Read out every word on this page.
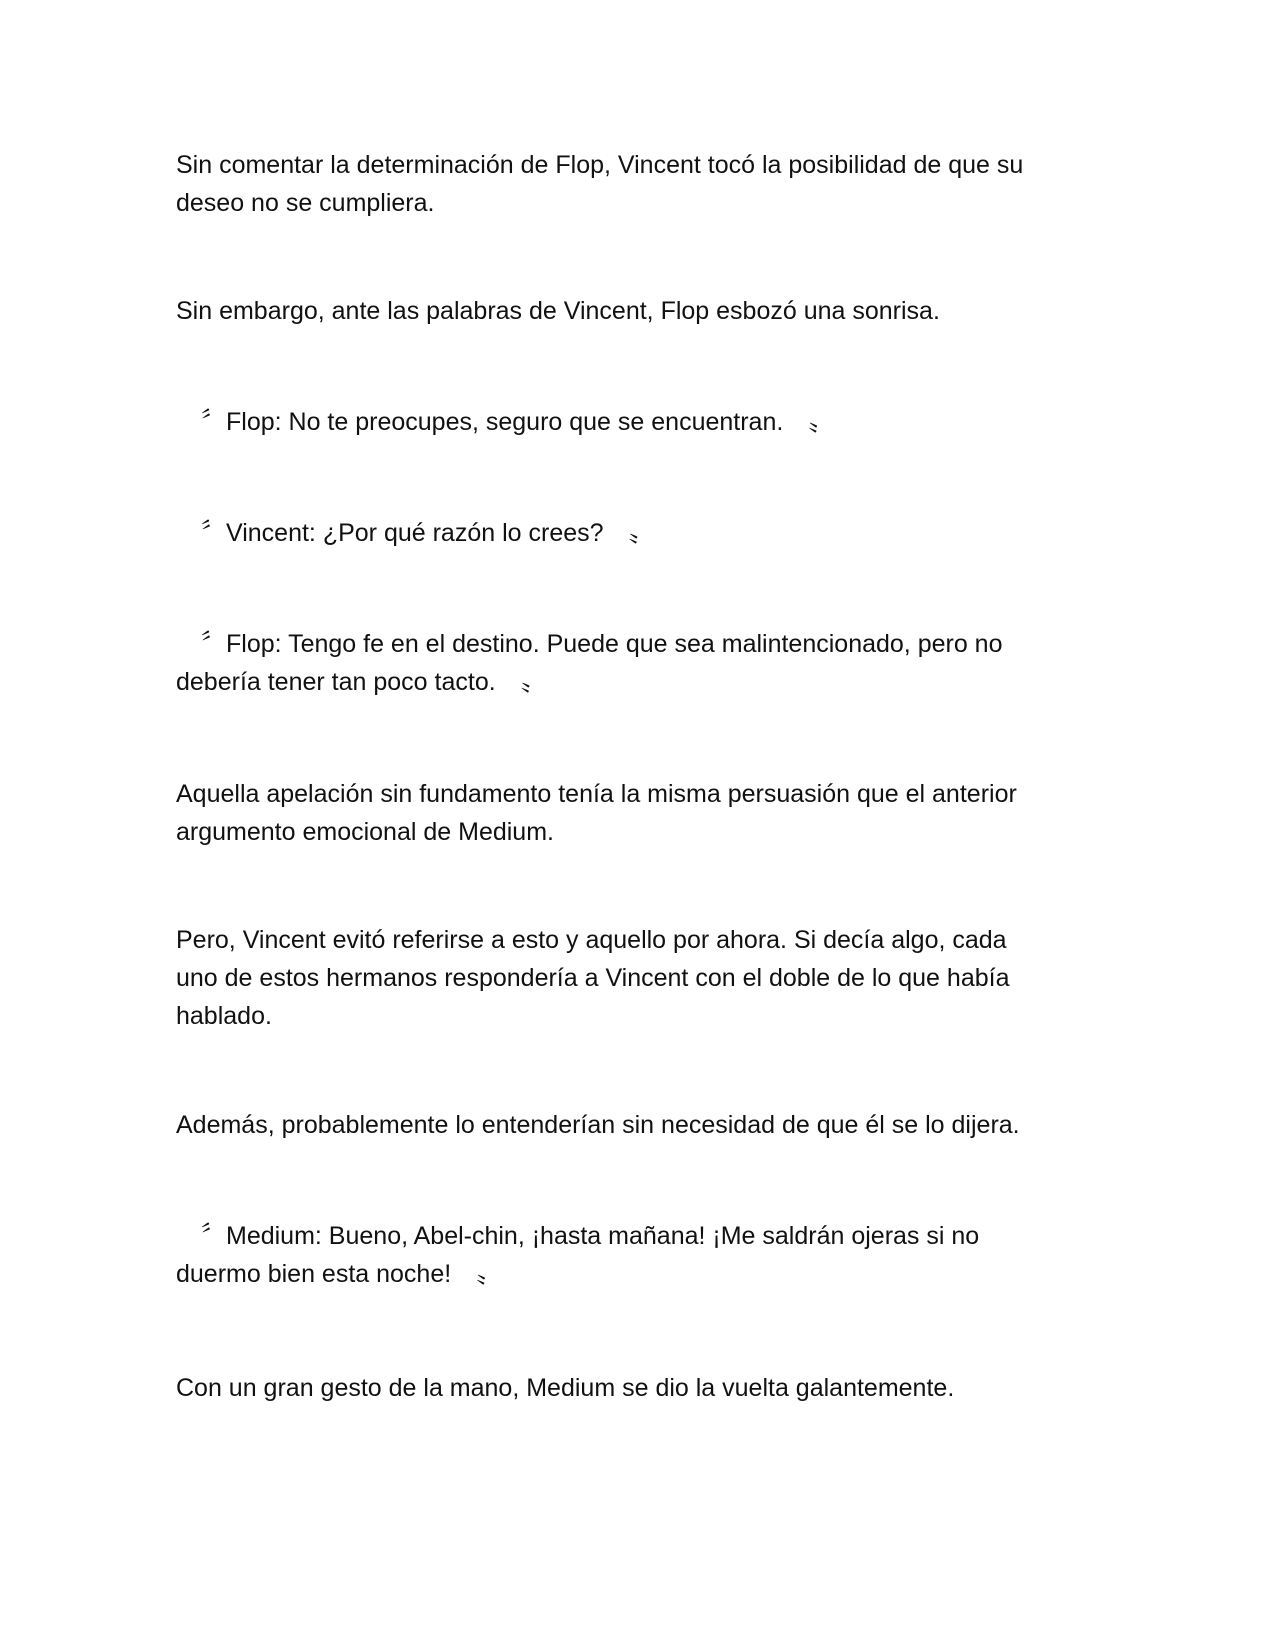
Sin comentar la determinación de Flop, Vincent tocó la posibilidad de que su
deseo no se cumpliera.

Sin embargo, ante las palabras de Vincent, Flop esbozó una sonrisa.

　〞Flop: No te preocupes, seguro que se encuentran.　〟

　〞Vincent: ¿Por qué razón lo crees?　〟

　〞Flop: Tengo fe en el destino. Puede que sea malintencionado, pero no
debería tener tan poco tacto.　〟

Aquella apelación sin fundamento tenía la misma persuasión que el anterior
argumento emocional de Medium.

Pero, Vincent evitó referirse a esto y aquello por ahora. Si decía algo, cada
uno de estos hermanos respondería a Vincent con el doble de lo que había
hablado.

Además, probablemente lo entenderían sin necesidad de que él se lo dijera.

　〞Medium: Bueno, Abel-chin, ¡hasta mañana! ¡Me saldrán ojeras si no
duermo bien esta noche!　〟

Con un gran gesto de la mano, Medium se dio la vuelta galantemente.
